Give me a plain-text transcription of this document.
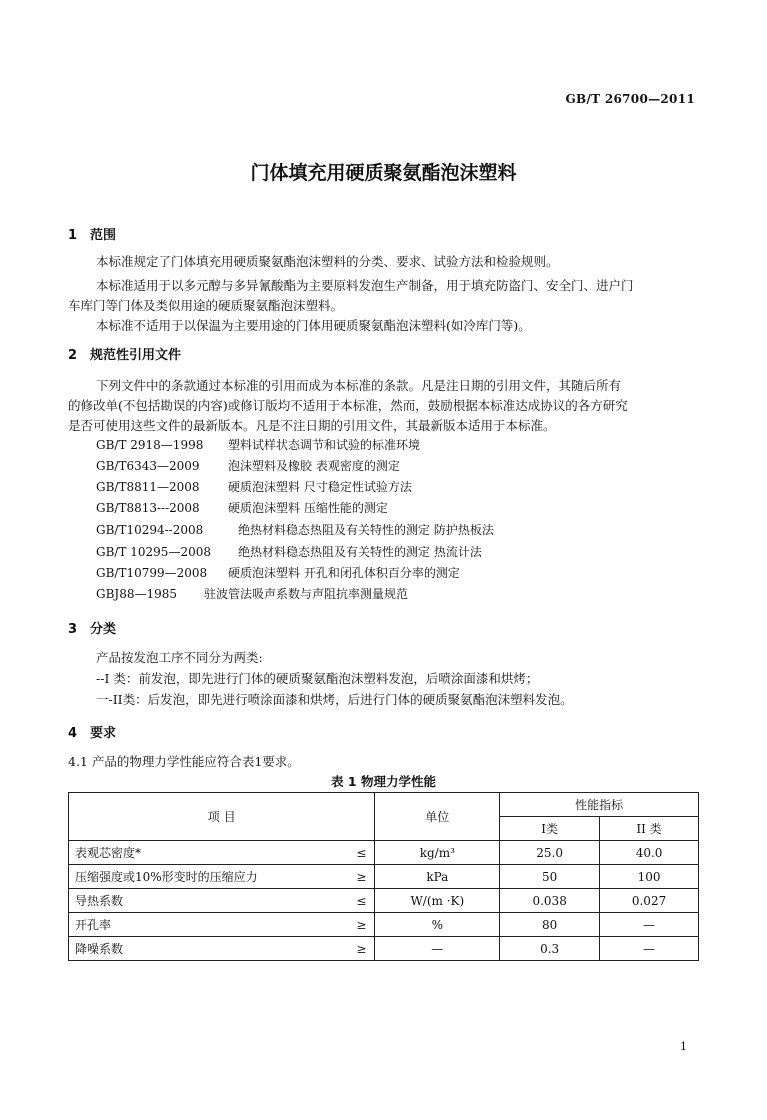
GB/T 26700—2011
门体填充用硬质聚氨酯泡沫塑料
1 范围
本标准规定了门体填充用硬质聚氨酯泡沫塑料的分类、要求、试验方法和检验规则。
本标准适用于以多元醇与多异氰酸酯为主要原料发泡生产制备，用于填充防盗门、安全门、进户门
车库门等门体及类似用途的硬质聚氨酯泡沫塑料。
本标准不适用于以保温为主要用途的门体用硬质聚氨酯泡沫塑料(如冷库门等)。
2 规范性引用文件
下列文件中的条款通过本标准的引用而成为本标准的条款。凡是注日期的引用文件，其随后所有
的修改单(不包括勘误的内容)或修订版均不适用于本标准，然而，鼓励根据本标准达成协议的各方研究
是否可使用这些文件的最新版本。凡是不注日期的引用文件，其最新版本适用于本标准。
GB/T 2918—1998 塑料试样状态调节和试验的标准环境
GB/T6343—2009 泡沫塑料及橡胶 表观密度的测定
GB/T8811—2008 硬质泡沫塑料 尺寸稳定性试验方法
GB/T8813---2008 硬质泡沫塑料 压缩性能的测定
GB/T10294--2008	绝热材料稳态热阻及有关特性的测定 防护热板法
GB/T 10295—2008 绝热材料稳态热阻及有关特性的测定 热流计法
GB/T10799—2008 硬质泡沫塑料 开孔和闭孔体积百分率的测定
GBJ88—1985 驻波管法吸声系数与声阻抗率测量规范
3 分类
产品按发泡工序不同分为两类:
--I 类：前发泡，即先进行门体的硬质聚氨酯泡沫塑料发泡，后喷涂面漆和烘烤；
一-II类：后发泡，即先进行喷涂面漆和烘烤，后进行门体的硬质聚氨酯泡沫塑料发泡。
4 要求
4.1 产品的物理力学性能应符合表1要求。
表 1 物理力学性能
项 目	单位	性能指标	
		I类	II 类
表观芯密度* ≤	kg/m³	25.0	40.0
压缩强度或10%形变时的压缩应力 ≥	kPa	50	100
导热系数 ≤	W/(m ·K)	0.038	0.027
开孔率 ≥	%	80	—
降噪系数 ≥	—	0.3	—
1
